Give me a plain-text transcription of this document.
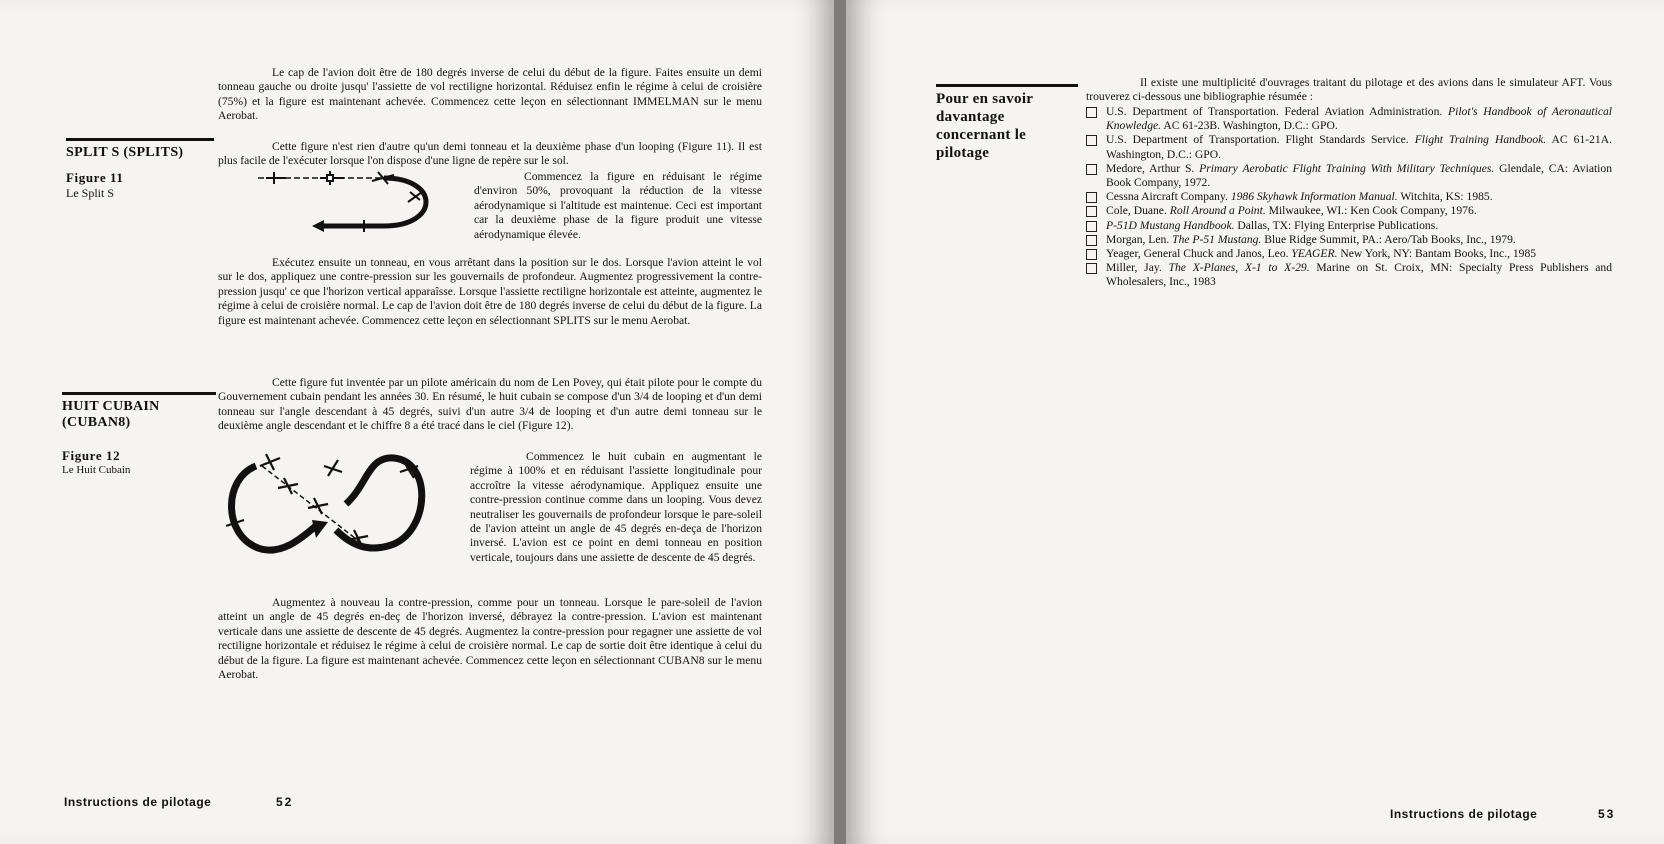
Le cap de l'avion doit être de 180 degrés inverse de celui du début de la figure. Faites ensuite un demi tonneau gauche ou droite jusqu' l'assiette de vol rectiligne horizontal. Réduisez enfin le régime à celui de croisière (75%) et la figure est maintenant achevée. Commencez cette leçon en sélectionnant IMMELMAN sur le menu Aerobat.

SPLIT S (SPLITS)
Figure 11
Le Split S

Cette figure n'est rien d'autre qu'un demi tonneau et la deuxième phase d'un looping (Figure 11). Il est plus facile de l'exécuter lorsque l'on dispose d'une ligne de repère sur le sol.

Commencez la figure en réduisant le régime d'environ 50%, provoquant la réduction de la vitesse aérodynamique si l'altitude est maintenue. Ceci est important car la deuxième phase de la figure produit une vitesse aérodynamique élevée.

Exécutez ensuite un tonneau, en vous arrêtant dans la position sur le dos. Lorsque l'avion atteint le vol sur le dos, appliquez une contre-pression sur les gouvernails de profondeur. Augmentez progressivement la contre-pression jusqu' ce que l'horizon vertical apparaîsse. Lorsque l'assiette rectiligne horizontale est atteinte, augmentez le régime à celui de croisière normal. Le cap de l'avion doit être de 180 degrés inverse de celui du début de la figure. La figure est maintenant achevée. Commencez cette leçon en sélectionnant SPLITS sur le menu Aerobat.

HUIT CUBAIN
(CUBAN8)
Figure 12
Le Huit Cubain

Cette figure fut inventée par un pilote américain du nom de Len Povey, qui était pilote pour le compte du Gouvernement cubain pendant les années 30. En résumé, le huit cubain se compose d'un 3/4 de looping et d'un demi tonneau sur l'angle descendant à 45 degrés, suivi d'un autre 3/4 de looping et d'un autre demi tonneau sur le deuxième angle descendant et le chiffre 8 a été tracé dans le ciel (Figure 12).

Commencez le huit cubain en augmentant le régime à 100% et en réduisant l'assiette longitudinale pour accroître la vitesse aérodynamique. Appliquez ensuite une contre-pression continue comme dans un looping. Vous devez neutraliser les gouvernails de profondeur lorsque le pare-soleil de l'avion atteint un angle de 45 degrés en-deça de l'horizon inversé. L'avion est ce point en demi tonneau en position verticale, toujours dans une assiette de descente de 45 degrés.

Augmentez à nouveau la contre-pression, comme pour un tonneau. Lorsque le pare-soleil de l'avion atteint un angle de 45 degrés en-deç de l'horizon inversé, débrayez la contre-pression. L'avion est maintenant verticale dans une assiette de descente de 45 degrés. Augmentez la contre-pression pour regagner une assiette de vol rectiligne horizontale et réduisez le régime à celui de croisière normal. Le cap de sortie doit être identique à celui du début de la figure. La figure est maintenant achevée. Commencez cette leçon en sélectionnant CUBAN8 sur le menu Aerobat.

Instructions de pilotage	52
Pour en savoir davantage concernant le pilotage

Il existe une multiplicité d'ouvrages traitant du pilotage et des avions dans le simulateur AFT. Vous trouverez ci-dessous une bibliographie résumée :

U.S. Department of Transportation. Federal Aviation Administration. Pilot's Handbook of Aeronautical Knowledge. AC 61-23B. Washington, D.C.: GPO.
U.S. Department of Transportation. Flight Standards Service. Flight Training Handbook. AC 61-21A. Washington, D.C.: GPO.
Medore, Arthur S. Primary Aerobatic Flight Training With Military Techniques. Glendale, CA: Aviation Book Company, 1972.
Cessna Aircraft Company. 1986 Skyhawk Information Manual. Witchita, KS: 1985.
Cole, Duane. Roll Around a Point. Milwaukee, WI.: Ken Cook Company, 1976.
P-51D Mustang Handbook. Dallas, TX: Flying Enterprise Publications.
Morgan, Len. The P-51 Mustang. Blue Ridge Summit, PA.: Aero/Tab Books, Inc., 1979.
Yeager, General Chuck and Janos, Leo. YEAGER. New York, NY: Bantam Books, Inc., 1985
Miller, Jay. The X-Planes, X-1 to X-29. Marine on St. Croix, MN: Specialty Press Publishers and Wholesalers, Inc., 1983
Instructions de pilotage	53
